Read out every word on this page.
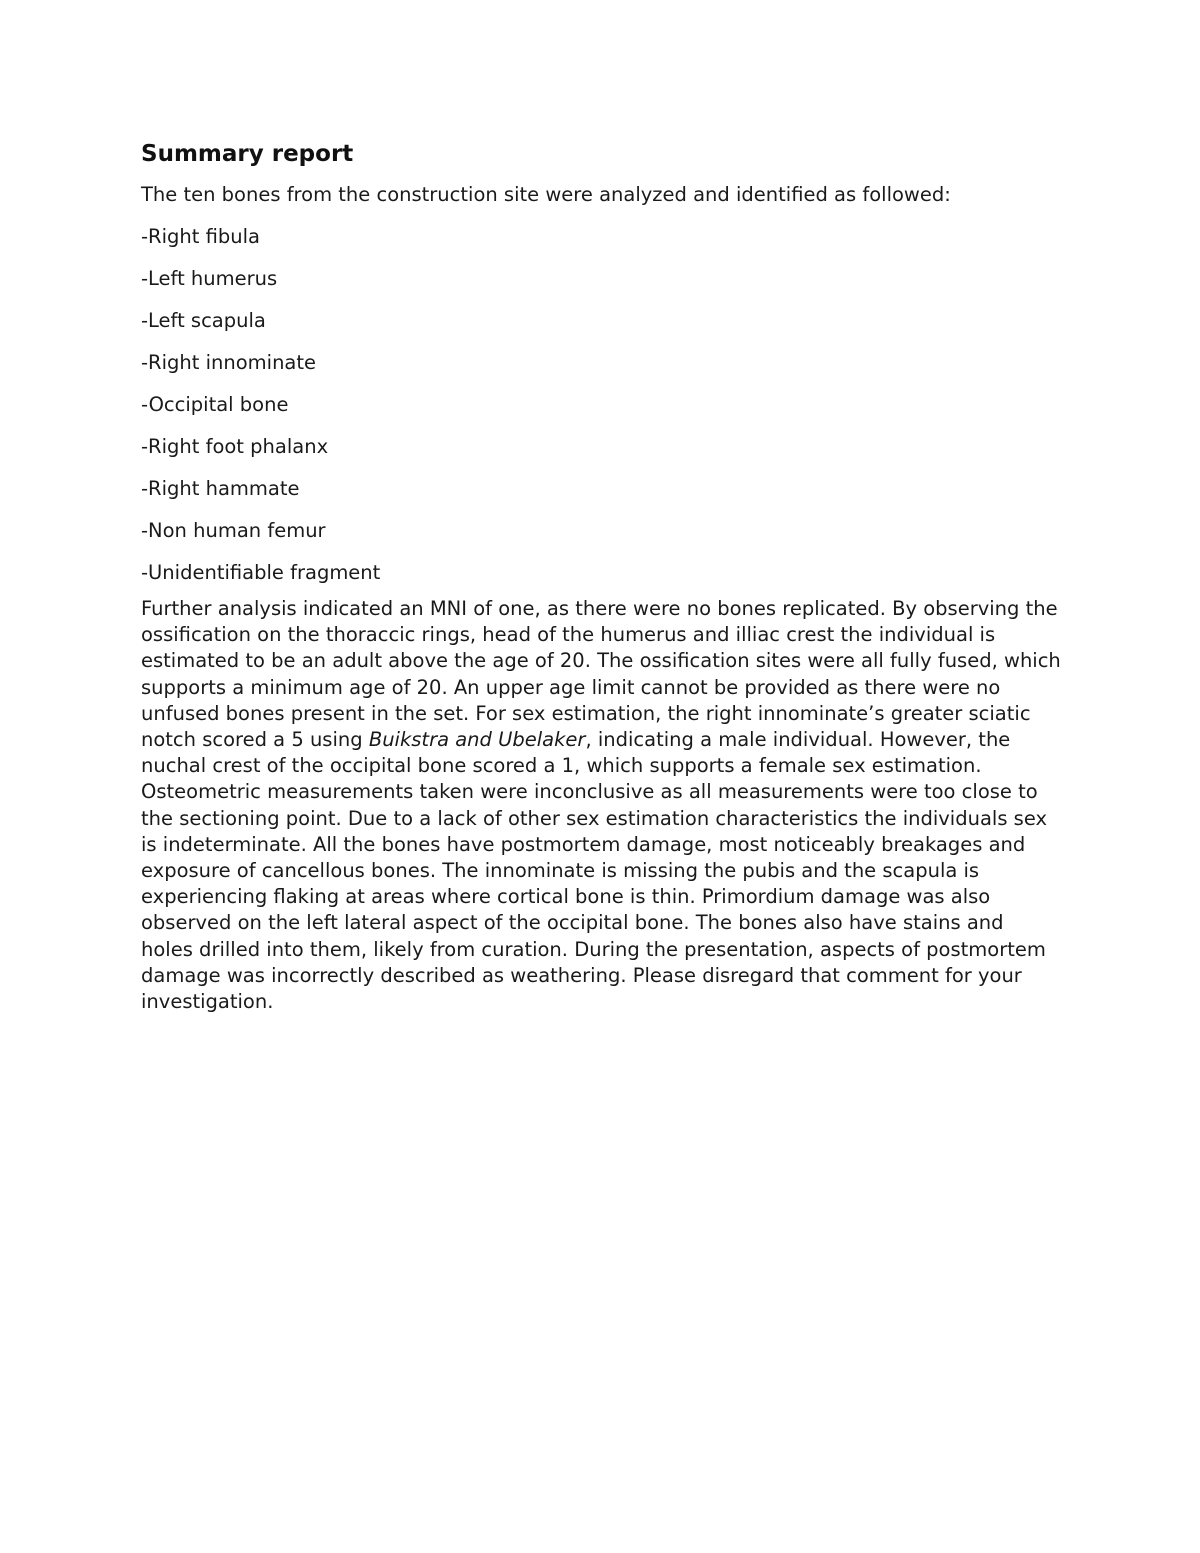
Summary report

The ten bones from the construction site were analyzed and identified as followed:

-Right fibula
-Left humerus
-Left scapula
-Right innominate
-Occipital bone
-Right foot phalanx
-Right hammate
-Non human femur
-Unidentifiable fragment

Further analysis indicated an MNI of one, as there were no bones replicated. By observing the ossification on the thoraccic rings, head of the humerus and illiac crest the individual is estimated to be an adult above the age of 20. The ossification sites were all fully fused, which supports a minimum age of 20. An upper age limit cannot be provided as there were no unfused bones present in the set. For sex estimation, the right innominate’s greater sciatic notch scored a 5 using Buikstra and Ubelaker, indicating a male individual. However, the nuchal crest of the occipital bone scored a 1, which supports a female sex estimation. Osteometric measurements taken were inconclusive as all measurements were too close to the sectioning point. Due to a lack of other sex estimation characteristics the individuals sex is indeterminate. All the bones have postmortem damage, most noticeably breakages and exposure of cancellous bones. The innominate is missing the pubis and the scapula is experiencing flaking at areas where cortical bone is thin. Primordium damage was also observed on the left lateral aspect of the occipital bone. The bones also have stains and holes drilled into them, likely from curation. During the presentation, aspects of postmortem damage was incorrectly described as weathering. Please disregard that comment for your investigation.
